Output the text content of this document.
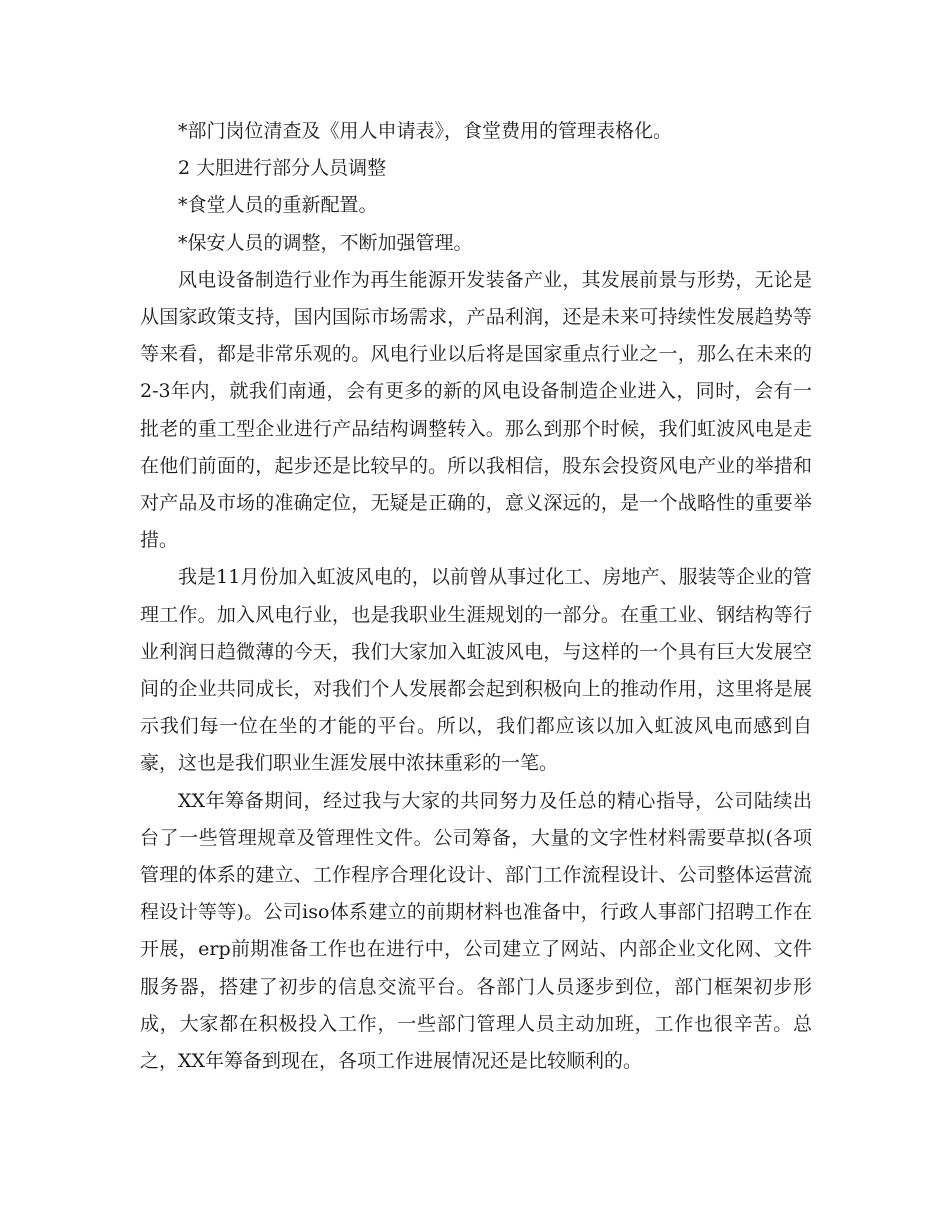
*部门岗位清查及《用人申请表》，食堂费用的管理表格化。

2 大胆进行部分人员调整

*食堂人员的重新配置。

*保安人员的调整，不断加强管理。

风电设备制造行业作为再生能源开发装备产业，其发展前景与形势，无论是从国家政策支持，国内国际市场需求，产品利润，还是未来可持续性发展趋势等等来看，都是非常乐观的。风电行业以后将是国家重点行业之一，那么在未来的2-3年内，就我们南通，会有更多的新的风电设备制造企业进入，同时，会有一批老的重工型企业进行产品结构调整转入。那么到那个时候，我们虹波风电是走在他们前面的，起步还是比较早的。所以我相信，股东会投资风电产业的举措和对产品及市场的准确定位，无疑是正确的，意义深远的，是一个战略性的重要举措。

我是11月份加入虹波风电的，以前曾从事过化工、房地产、服装等企业的管理工作。加入风电行业，也是我职业生涯规划的一部分。在重工业、钢结构等行业利润日趋微薄的今天，我们大家加入虹波风电，与这样的一个具有巨大发展空间的企业共同成长，对我们个人发展都会起到积极向上的推动作用，这里将是展示我们每一位在坐的才能的平台。所以，我们都应该以加入虹波风电而感到自豪，这也是我们职业生涯发展中浓抹重彩的一笔。

XX年筹备期间，经过我与大家的共同努力及任总的精心指导，公司陆续出台了一些管理规章及管理性文件。公司筹备，大量的文字性材料需要草拟(各项管理的体系的建立、工作程序合理化设计、部门工作流程设计、公司整体运营流程设计等等)。公司iso体系建立的前期材料也准备中，行政人事部门招聘工作在开展，erp前期准备工作也在进行中，公司建立了网站、内部企业文化网、文件服务器，搭建了初步的信息交流平台。各部门人员逐步到位，部门框架初步形成，大家都在积极投入工作，一些部门管理人员主动加班，工作也很辛苦。总之，XX年筹备到现在，各项工作进展情况还是比较顺利的。
